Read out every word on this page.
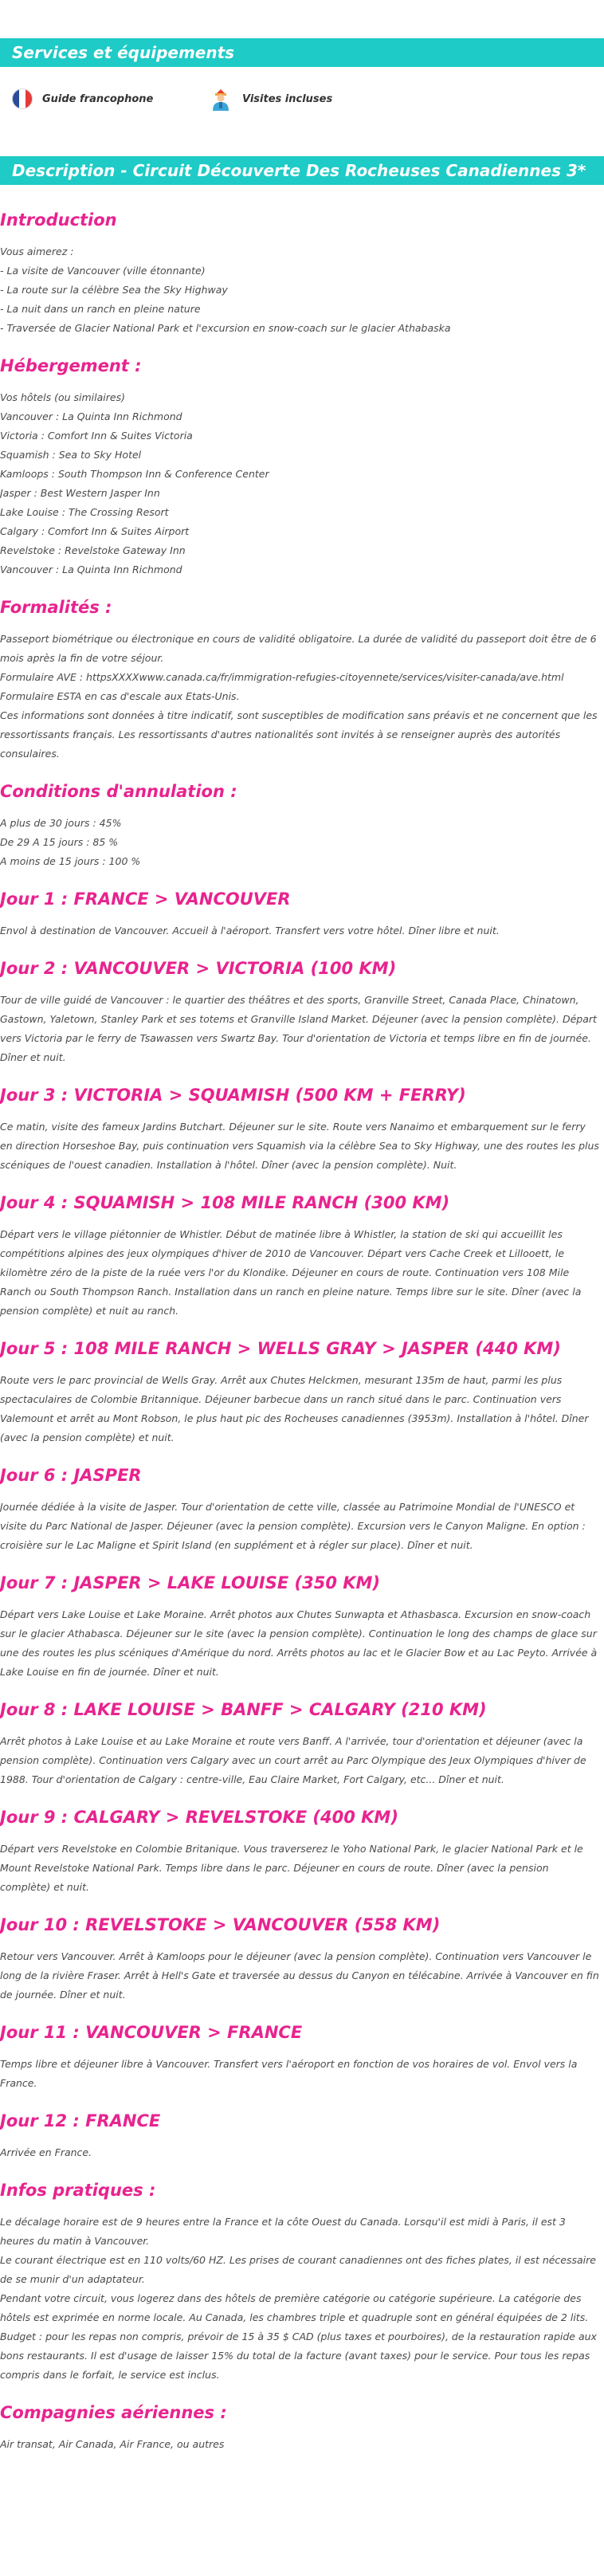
Services et équipements
Guide francophone	Visites incluses
Description - Circuit Découverte Des Rocheuses Canadiennes 3*
Introduction
Vous aimerez :
- La visite de Vancouver (ville étonnante)
- La route sur la célèbre Sea the Sky Highway
- La nuit dans un ranch en pleine nature
- Traversée de Glacier National Park et l'excursion en snow-coach sur le glacier Athabaska
Hébergement :
Vos hôtels (ou similaires)
Vancouver : La Quinta Inn Richmond
Victoria : Comfort Inn & Suites Victoria
Squamish : Sea to Sky Hotel
Kamloops : South Thompson Inn & Conference Center
Jasper : Best Western Jasper Inn
Lake Louise : The Crossing Resort
Calgary : Comfort Inn & Suites Airport
Revelstoke : Revelstoke Gateway Inn
Vancouver : La Quinta Inn Richmond
Formalités :
Passeport biométrique ou électronique en cours de validité obligatoire. La durée de validité du passeport doit être de 6 mois après la fin de votre séjour.
Formulaire AVE : httpsXXXXwww.canada.ca/fr/immigration-refugies-citoyennete/services/visiter-canada/ave.html
Formulaire ESTA en cas d'escale aux Etats-Unis.
Ces informations sont données à titre indicatif, sont susceptibles de modification sans préavis et ne concernent que les ressortissants français. Les ressortissants d'autres nationalités sont invités à se renseigner auprès des autorités consulaires.
Conditions d'annulation :
A plus de 30 jours : 45%
De 29 A 15 jours : 85 %
A moins de 15 jours : 100 %
Jour 1 : FRANCE > VANCOUVER
Envol à destination de Vancouver. Accueil à l'aéroport. Transfert vers votre hôtel. Dîner libre et nuit.
Jour 2 : VANCOUVER > VICTORIA (100 KM)
Tour de ville guidé de Vancouver : le quartier des théâtres et des sports, Granville Street, Canada Place, Chinatown, Gastown, Yaletown, Stanley Park et ses totems et Granville Island Market. Déjeuner (avec la pension complète). Départ vers Victoria par le ferry de Tsawassen vers Swartz Bay. Tour d'orientation de Victoria et temps libre en fin de journée. Dîner et nuit.
Jour 3 : VICTORIA > SQUAMISH (500 KM + FERRY)
Ce matin, visite des fameux Jardins Butchart. Déjeuner sur le site. Route vers Nanaimo et embarquement sur le ferry en direction Horseshoe Bay, puis continuation vers Squamish via la célèbre Sea to Sky Highway, une des routes les plus scéniques de l'ouest canadien. Installation à l'hôtel. Dîner (avec la pension complète). Nuit.
Jour 4 : SQUAMISH > 108 MILE RANCH (300 KM)
Départ vers le village piétonnier de Whistler. Début de matinée libre à Whistler, la station de ski qui accueillit les compétitions alpines des jeux olympiques d'hiver de 2010 de Vancouver. Départ vers Cache Creek et Lillooett, le kilomètre zéro de la piste de la ruée vers l'or du Klondike. Déjeuner en cours de route. Continuation vers 108 Mile Ranch ou South Thompson Ranch. Installation dans un ranch en pleine nature. Temps libre sur le site. Dîner (avec la pension complète) et nuit au ranch.
Jour 5 : 108 MILE RANCH > WELLS GRAY > JASPER (440 KM)
Route vers le parc provincial de Wells Gray. Arrêt aux Chutes Helckmen, mesurant 135m de haut, parmi les plus spectaculaires de Colombie Britannique. Déjeuner barbecue dans un ranch situé dans le parc. Continuation vers Valemount et arrêt au Mont Robson, le plus haut pic des Rocheuses canadiennes (3953m). Installation à l'hôtel. Dîner (avec la pension complète) et nuit.
Jour 6 : JASPER
Journée dédiée à la visite de Jasper. Tour d'orientation de cette ville, classée au Patrimoine Mondial de l'UNESCO et visite du Parc National de Jasper. Déjeuner (avec la pension complète). Excursion vers le Canyon Maligne. En option : croisière sur le Lac Maligne et Spirit Island (en supplément et à régler sur place). Dîner et nuit.
Jour 7 : JASPER > LAKE LOUISE (350 KM)
Départ vers Lake Louise et Lake Moraine. Arrêt photos aux Chutes Sunwapta et Athasbasca. Excursion en snow-coach sur le glacier Athabasca. Déjeuner sur le site (avec la pension complète). Continuation le long des champs de glace sur une des routes les plus scéniques d'Amérique du nord. Arrêts photos au lac et le Glacier Bow et au Lac Peyto. Arrivée à Lake Louise en fin de journée. Dîner et nuit.
Jour 8 : LAKE LOUISE > BANFF > CALGARY (210 KM)
Arrêt photos à Lake Louise et au Lake Moraine et route vers Banff. A l'arrivée, tour d'orientation et déjeuner (avec la pension complète). Continuation vers Calgary avec un court arrêt au Parc Olympique des Jeux Olympiques d'hiver de 1988. Tour d'orientation de Calgary : centre-ville, Eau Claire Market, Fort Calgary, etc... Dîner et nuit.
Jour 9 : CALGARY > REVELSTOKE (400 KM)
Départ vers Revelstoke en Colombie Britanique. Vous traverserez le Yoho National Park, le glacier National Park et le Mount Revelstoke National Park. Temps libre dans le parc. Déjeuner en cours de route. Dîner (avec la pension complète) et nuit.
Jour 10 : REVELSTOKE > VANCOUVER (558 KM)
Retour vers Vancouver. Arrêt à Kamloops pour le déjeuner (avec la pension complète). Continuation vers Vancouver le long de la rivière Fraser. Arrêt à Hell's Gate et traversée au dessus du Canyon en télécabine. Arrivée à Vancouver en fin de journée. Dîner et nuit.
Jour 11 : VANCOUVER > FRANCE
Temps libre et déjeuner libre à Vancouver. Transfert vers l'aéroport en fonction de vos horaires de vol. Envol vers la France.
Jour 12 : FRANCE
Arrivée en France.
Infos pratiques :
Le décalage horaire est de 9 heures entre la France et la côte Ouest du Canada. Lorsqu'il est midi à Paris, il est 3 heures du matin à Vancouver.
Le courant électrique est en 110 volts/60 HZ. Les prises de courant canadiennes ont des fiches plates, il est nécessaire de se munir d'un adaptateur.
Pendant votre circuit, vous logerez dans des hôtels de première catégorie ou catégorie supérieure. La catégorie des hôtels est exprimée en norme locale. Au Canada, les chambres triple et quadruple sont en général équipées de 2 lits.
Budget : pour les repas non compris, prévoir de 15 à 35 $ CAD (plus taxes et pourboires), de la restauration rapide aux bons restaurants. Il est d'usage de laisser 15% du total de la facture (avant taxes) pour le service. Pour tous les repas compris dans le forfait, le service est inclus.
Compagnies aériennes :
Air transat, Air Canada, Air France, ou autres
